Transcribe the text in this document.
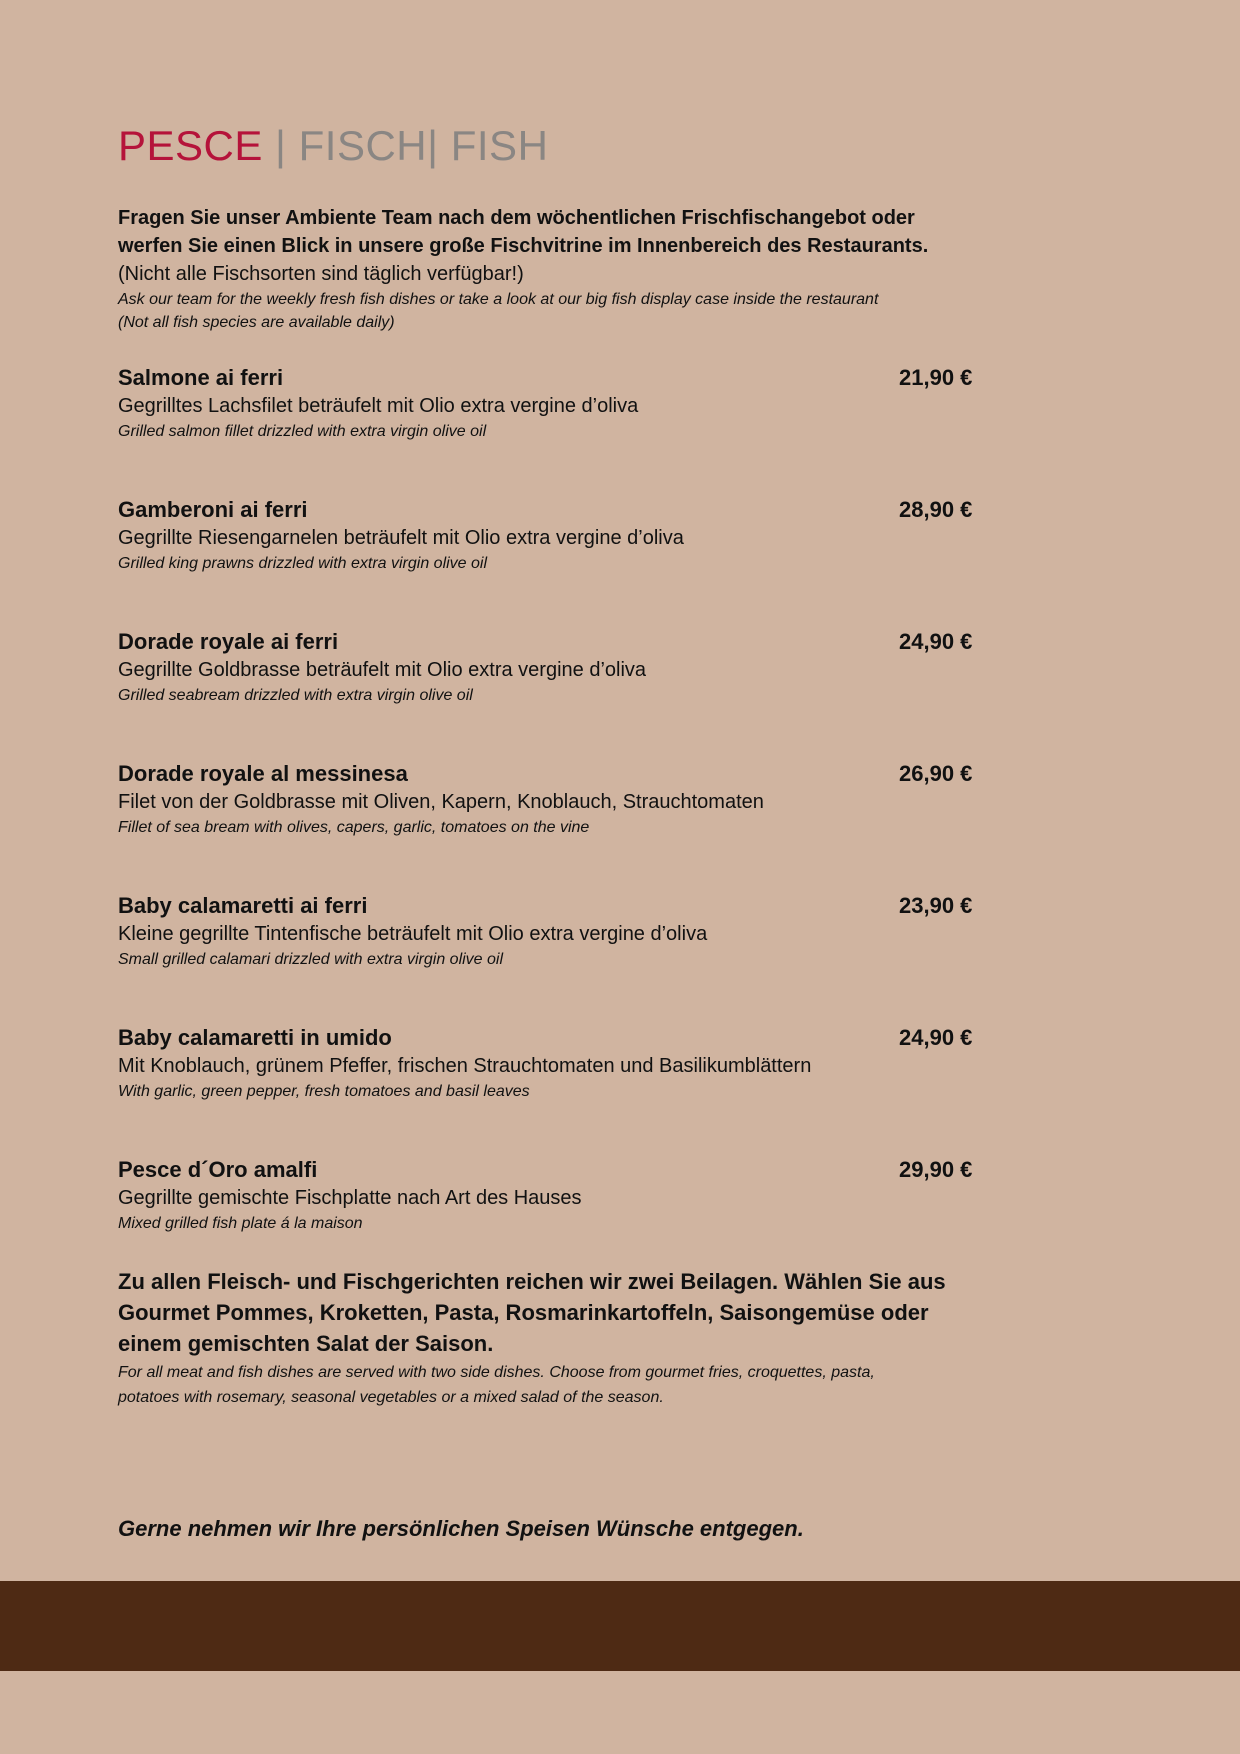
PESCE | FISCH| FISH
Fragen Sie unser Ambiente Team nach dem wöchentlichen Frischfischangebot oder
werfen Sie einen Blick in unsere große Fischvitrine im Innenbereich des Restaurants.
(Nicht alle Fischsorten sind täglich verfügbar!)
Ask our team for the weekly fresh fish dishes or take a look at our big fish display case inside the restaurant
(Not all fish species are available daily)
Salmone ai ferri	21,90 €
Gegrilltes Lachsfilet beträufelt mit Olio extra vergine d’oliva
Grilled salmon fillet drizzled with extra virgin olive oil
Gamberoni ai ferri	28,90 €
Gegrillte Riesengarnelen beträufelt mit Olio extra vergine d’oliva
Grilled king prawns drizzled with extra virgin olive oil
Dorade royale ai ferri	24,90 €
Gegrillte Goldbrasse beträufelt mit Olio extra vergine d’oliva
Grilled seabream drizzled with extra virgin olive oil
Dorade royale al messinesa	26,90 €
Filet von der Goldbrasse mit Oliven, Kapern, Knoblauch, Strauchtomaten
Fillet of sea bream with olives, capers, garlic, tomatoes on the vine
Baby calamaretti ai ferri	23,90 €
Kleine gegrillte Tintenfische beträufelt mit Olio extra vergine d’oliva
Small grilled calamari drizzled with extra virgin olive oil
Baby calamaretti in umido	24,90 €
Mit Knoblauch, grünem Pfeffer, frischen Strauchtomaten und Basilikumblättern
With garlic, green pepper, fresh tomatoes and basil leaves
Pesce d´Oro amalfi	29,90 €
Gegrillte gemischte Fischplatte nach Art des Hauses
Mixed grilled fish plate á la maison
Zu allen Fleisch- und Fischgerichten reichen wir zwei Beilagen. Wählen Sie aus
Gourmet Pommes, Kroketten, Pasta, Rosmarinkartoffeln, Saisongemüse oder
einem gemischten Salat der Saison.
For all meat and fish dishes are served with two side dishes. Choose from gourmet fries, croquettes, pasta,
potatoes with rosemary, seasonal vegetables or a mixed salad of the season.
Gerne nehmen wir Ihre persönlichen Speisen Wünsche entgegen.
